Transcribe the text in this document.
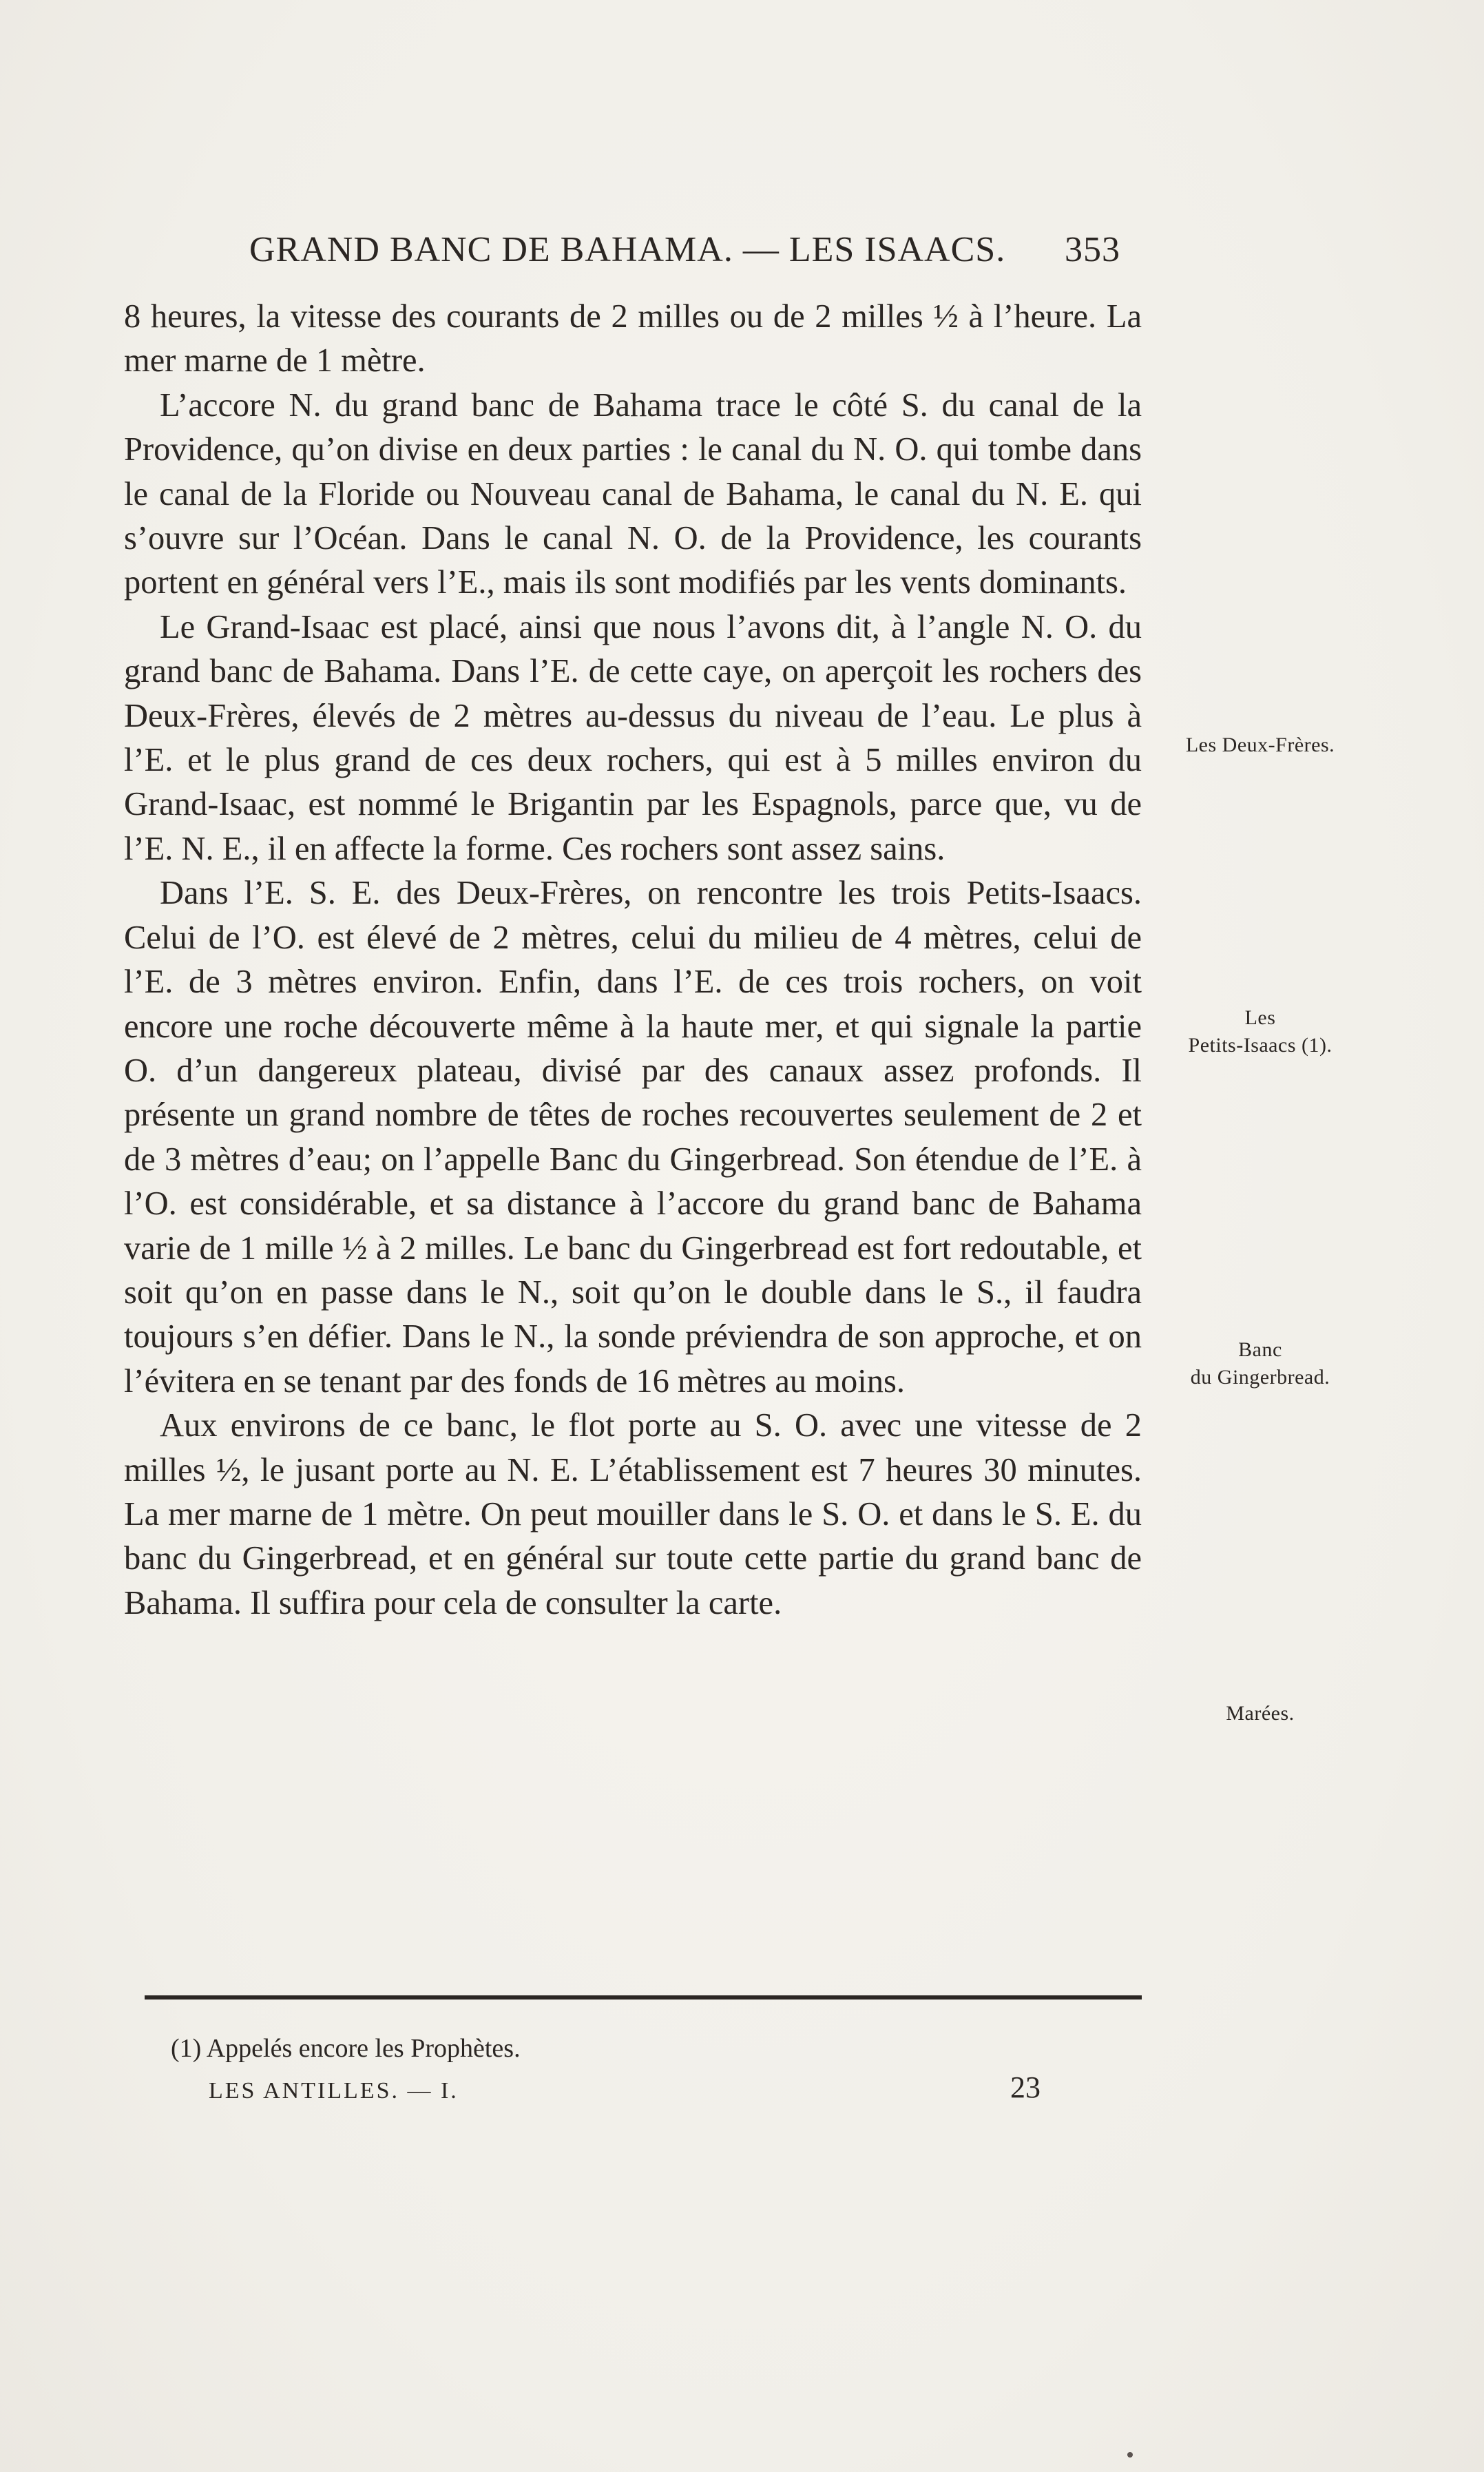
GRAND BANC DE BAHAMA. — LES ISAACS. 353

8 heures, la vitesse des courants de 2 milles ou de 2 milles ½ à l’heure. La mer marne de 1 mètre.

L’accore N. du grand banc de Bahama trace le côté S. du canal de la Providence, qu’on divise en deux parties : le canal du N. O. qui tombe dans le canal de la Floride ou Nouveau canal de Bahama, le canal du N. E. qui s’ouvre sur l’Océan. Dans le canal N. O. de la Providence, les courants portent en général vers l’E., mais ils sont modifiés par les vents dominants.

Le Grand-Isaac est placé, ainsi que nous l’avons dit, à l’angle N. O. du grand banc de Bahama. Dans l’E. de cette caye, on aperçoit les rochers des Deux-Frères, élevés de 2 mètres au-dessus du niveau de l’eau. Le plus à l’E. et le plus grand de ces deux rochers, qui est à 5 milles environ du Grand-Isaac, est nommé le Brigantin par les Espagnols, parce que, vu de l’E. N. E., il en affecte la forme. Ces rochers sont assez sains.

Dans l’E. S. E. des Deux-Frères, on rencontre les trois Petits-Isaacs. Celui de l’O. est élevé de 2 mètres, celui du milieu de 4 mètres, celui de l’E. de 3 mètres environ. Enfin, dans l’E. de ces trois rochers, on voit encore une roche découverte même à la haute mer, et qui signale la partie O. d’un dangereux plateau, divisé par des canaux assez profonds. Il présente un grand nombre de têtes de roches recouvertes seulement de 2 et de 3 mètres d’eau; on l’appelle Banc du Gingerbread. Son étendue de l’E. à l’O. est considérable, et sa distance à l’accore du grand banc de Bahama varie de 1 mille ½ à 2 milles. Le banc du Gingerbread est fort redoutable, et soit qu’on en passe dans le N., soit qu’on le double dans le S., il faudra toujours s’en défier. Dans le N., la sonde préviendra de son approche, et on l’évitera en se tenant par des fonds de 16 mètres au moins.

Aux environs de ce banc, le flot porte au S. O. avec une vitesse de 2 milles ½, le jusant porte au N. E. L’établissement est 7 heures 30 minutes. La mer marne de 1 mètre. On peut mouiller dans le S. O. et dans le S. E. du banc du Gingerbread, et en général sur toute cette partie du grand banc de Bahama. Il suffira pour cela de consulter la carte.

Les Deux-Frères.
Les
Petits-Isaacs (1).
Banc
du Gingerbread.
Marées.
(1) Appelés encore les Prophètes.
LES ANTILLES. — I.	23
